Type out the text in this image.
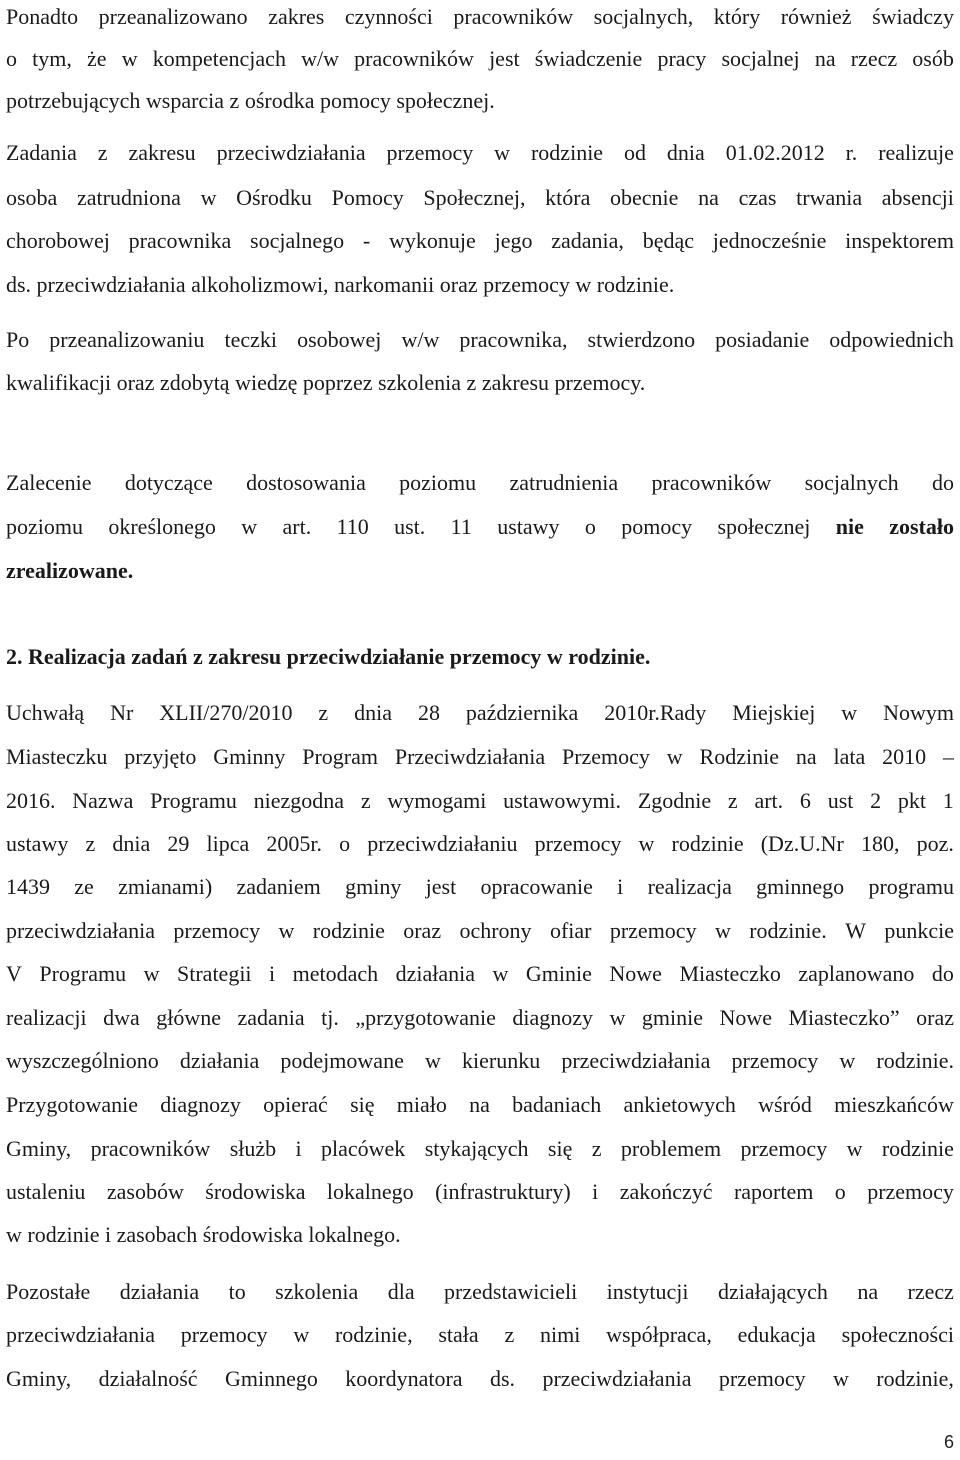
Ponadto przeanalizowano zakres czynności pracowników socjalnych, który również świadczy
o tym, że w kompetencjach w/w pracowników jest świadczenie pracy socjalnej na rzecz osób
potrzebujących wsparcia z ośrodka pomocy społecznej.
Zadania z zakresu przeciwdziałania przemocy w rodzinie od dnia 01.02.2012 r. realizuje
osoba zatrudniona w Ośrodku Pomocy Społecznej, która obecnie na czas trwania absencji
chorobowej pracownika socjalnego - wykonuje jego zadania, będąc jednocześnie inspektorem
ds. przeciwdziałania alkoholizmowi, narkomanii oraz przemocy w rodzinie.
Po przeanalizowaniu teczki osobowej w/w pracownika, stwierdzono posiadanie odpowiednich
kwalifikacji oraz zdobytą wiedzę poprzez szkolenia z zakresu przemocy.
Zalecenie dotyczące dostosowania poziomu zatrudnienia pracowników socjalnych do
poziomu określonego w art. 110 ust. 11 ustawy o pomocy społecznej nie zostało
zrealizowane.
2. Realizacja zadań z zakresu przeciwdziałanie przemocy w rodzinie.
Uchwałą Nr XLII/270/2010 z dnia 28 października 2010r.Rady Miejskiej w Nowym
Miasteczku przyjęto Gminny Program Przeciwdziałania Przemocy w Rodzinie na lata 2010 –
2016. Nazwa Programu niezgodna z wymogami ustawowymi. Zgodnie z art. 6 ust 2 pkt 1
ustawy z dnia 29 lipca 2005r. o przeciwdziałaniu przemocy w rodzinie (Dz.U.Nr 180, poz.
1439 ze zmianami) zadaniem gminy jest opracowanie i realizacja gminnego programu
przeciwdziałania przemocy w rodzinie oraz ochrony ofiar przemocy w rodzinie. W punkcie
V Programu w Strategii i metodach działania w Gminie Nowe Miasteczko zaplanowano do
realizacji dwa główne zadania tj. „przygotowanie diagnozy w gminie Nowe Miasteczko” oraz
wyszczególniono działania podejmowane w kierunku przeciwdziałania przemocy w rodzinie.
Przygotowanie diagnozy opierać się miało na badaniach ankietowych wśród mieszkańców
Gminy, pracowników służb i placówek stykających się z problemem przemocy w rodzinie
ustaleniu zasobów środowiska lokalnego (infrastruktury) i zakończyć raportem o przemocy
w rodzinie i zasobach środowiska lokalnego.
Pozostałe działania to szkolenia dla przedstawicieli instytucji działających na rzecz
przeciwdziałania przemocy w rodzinie, stała z nimi współpraca, edukacja społeczności
Gminy, działalność Gminnego koordynatora ds. przeciwdziałania przemocy w rodzinie,
6
